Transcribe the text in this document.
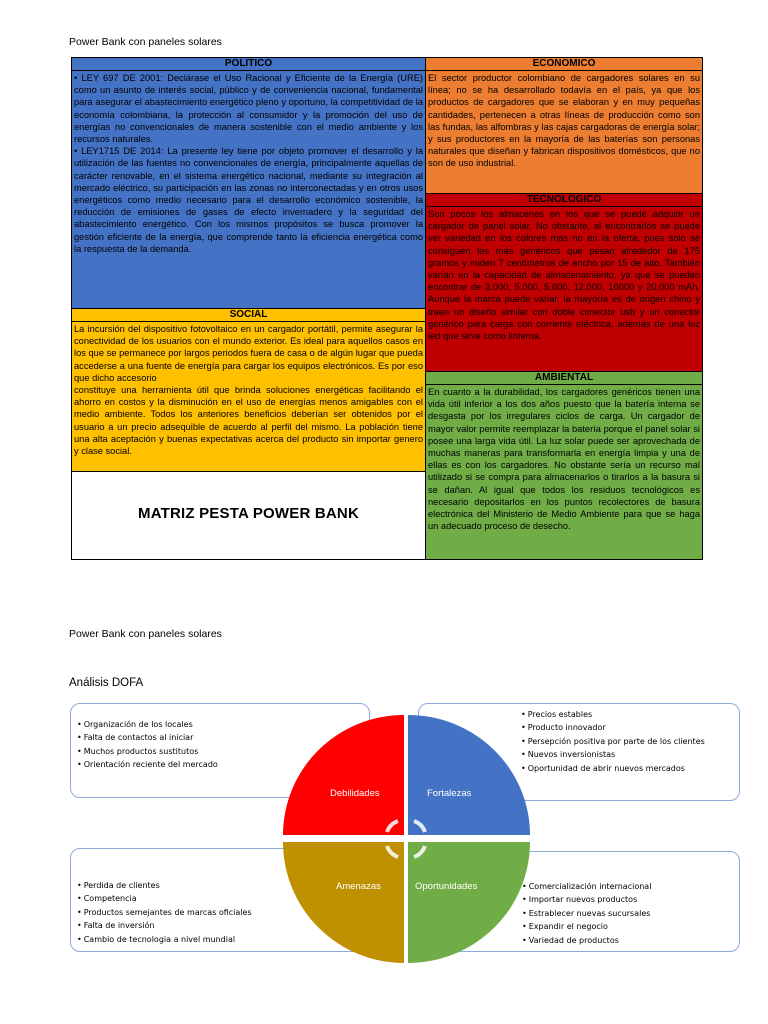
Power Bank con paneles solares
POLITICO

• LEY 697 DE 2001: Declárase el Uso Racional y Eficiente de la Energía (URE) como un asunto de interés social, público y de conveniencia nacional, fundamental para asegurar el abastecimiento energético pleno y oportuno, la competitividad de la economía colombiana, la protección al consumidor y la promoción del uso de energías no convencionales de manera sostenible con el medio ambiente y los recursos naturales.

• LEY1715 DE 2014: La presente ley tiene por objeto promover el desarrollo y la utilización de las fuentes no convencionales de energía, principalmente aquellas de carácter renovable, en el sistema energético nacional, mediante su integración al mercado eléctrico, su participación en las zonas no interconectadas y en otros usos energéticos como medio necesario para el desarrollo económico sostenible, la reducción de emisiones de gases de efecto invernadero y la seguridad del abastecimiento energético. Con los mismos propósitos se busca promover la gestión eficiente de la energía, que comprende tanto la eficiencia energética como la respuesta de la demanda.

SOCIAL

La incursión del dispositivo fotovoltaico en un cargador portátil, permite asegurar la conectividad de los usuarios con el mundo exterior. Es ideal para aquellos casos en los que se permanece por largos periodos fuera de casa o de algún lugar que pueda accederse a una fuente de energía para cargar los equipos electrónicos. Es por eso que dicho accesorio

constituye una herramienta útil que brinda soluciones energéticas facilitando el ahorro en costos y la disminución en el uso de energías menos amigables con el medio ambiente. Todos los anteriores beneficios deberían ser obtenidos por el usuario a un precio adsequible de acuerdo al perfil del mismo. La población tiene una alta aceptación y buenas expectativas acerca del producto sin importar genero y clase social.

MATRIZ PESTA POWER BANK
ECONOMICO
El sector productor colombiano de cargadores solares en su línea; no se ha desarrollado todavía en el país, ya que los productos de cargadores que se elaboran y en muy pequeñas cantidades, pertenecen a otras líneas de producción como son las fundas, las alfombras y las cajas cargadoras de energía solar; y sus productores en la mayoría de las baterías son personas naturales que diseñan y fabrican dispositivos domésticos, que no son de uso industrial.
TECNOLOGICO
Son pocos los almacenes en los que se puede adquirir un cargador de panel solar. No obstante, al encontrarlos se puede ver variedad en los colores mas no en la oferta, pues solo se consiguen los más genéricos que pesan alrededor de 175 gramos y miden 7 centímetros de ancho por 15 de alto. También varían en la capacidad de almacenamiento, ya que se pueden encontrar de 3.000, 5.000, 5.600, 12.000, 16000 y 20.000 mAh. Aunque la marca puede variar, la mayoría es de origen chino y traen un diseño similar con doble conector usb y un conector genérico para carga con corriente eléctrica, además de una luz led que sirve como linterna.
AMBIENTAL
En cuanto a la durabilidad, los cargadores genéricos tienen una vida útil inferior a los dos años puesto que la batería interna se desgasta por los irregulares ciclos de carga. Un cargador de mayor valor permite reemplazar la batería porque el panel solar si posee una larga vida útil. La luz solar puede ser aprovechada de muchas maneras para transformarla en energía limpia y una de ellas es con los cargadores. No obstante sería un recurso mal utilizado si se compra para almacenarlos o tirarlos a la basura si se dañan. Al igual que todos los residuos tecnológicos es necesario depositarlos en los puntos recolectores de basura electrónica del Ministerio de Medio Ambiente para que se haga un adecuado proceso de desecho.
Power Bank con paneles solares
Análisis DOFA
• Organización de los locales
• Falta de contactos al iniciar
• Muchos productos sustitutos
• Orientación reciente del mercado
• Precios estables
• Producto innovador
• Persepción positiva por parte de los clientes
• Nuevos inversionistas
• Oportunidad de abrir nuevos mercados
• Perdida de clientes
• Competencia
• Productos semejantes de marcas oficiales
• Falta de inversión
• Cambio de tecnologia a nivel mundial
• Comercialización internacional
• Importar nuevos productos
• Estrablecer nuevas sucursales
• Expandir el negocio
• Variedad de productos
Debilidades	Fortalezas
Amenazas	Oportunidades
